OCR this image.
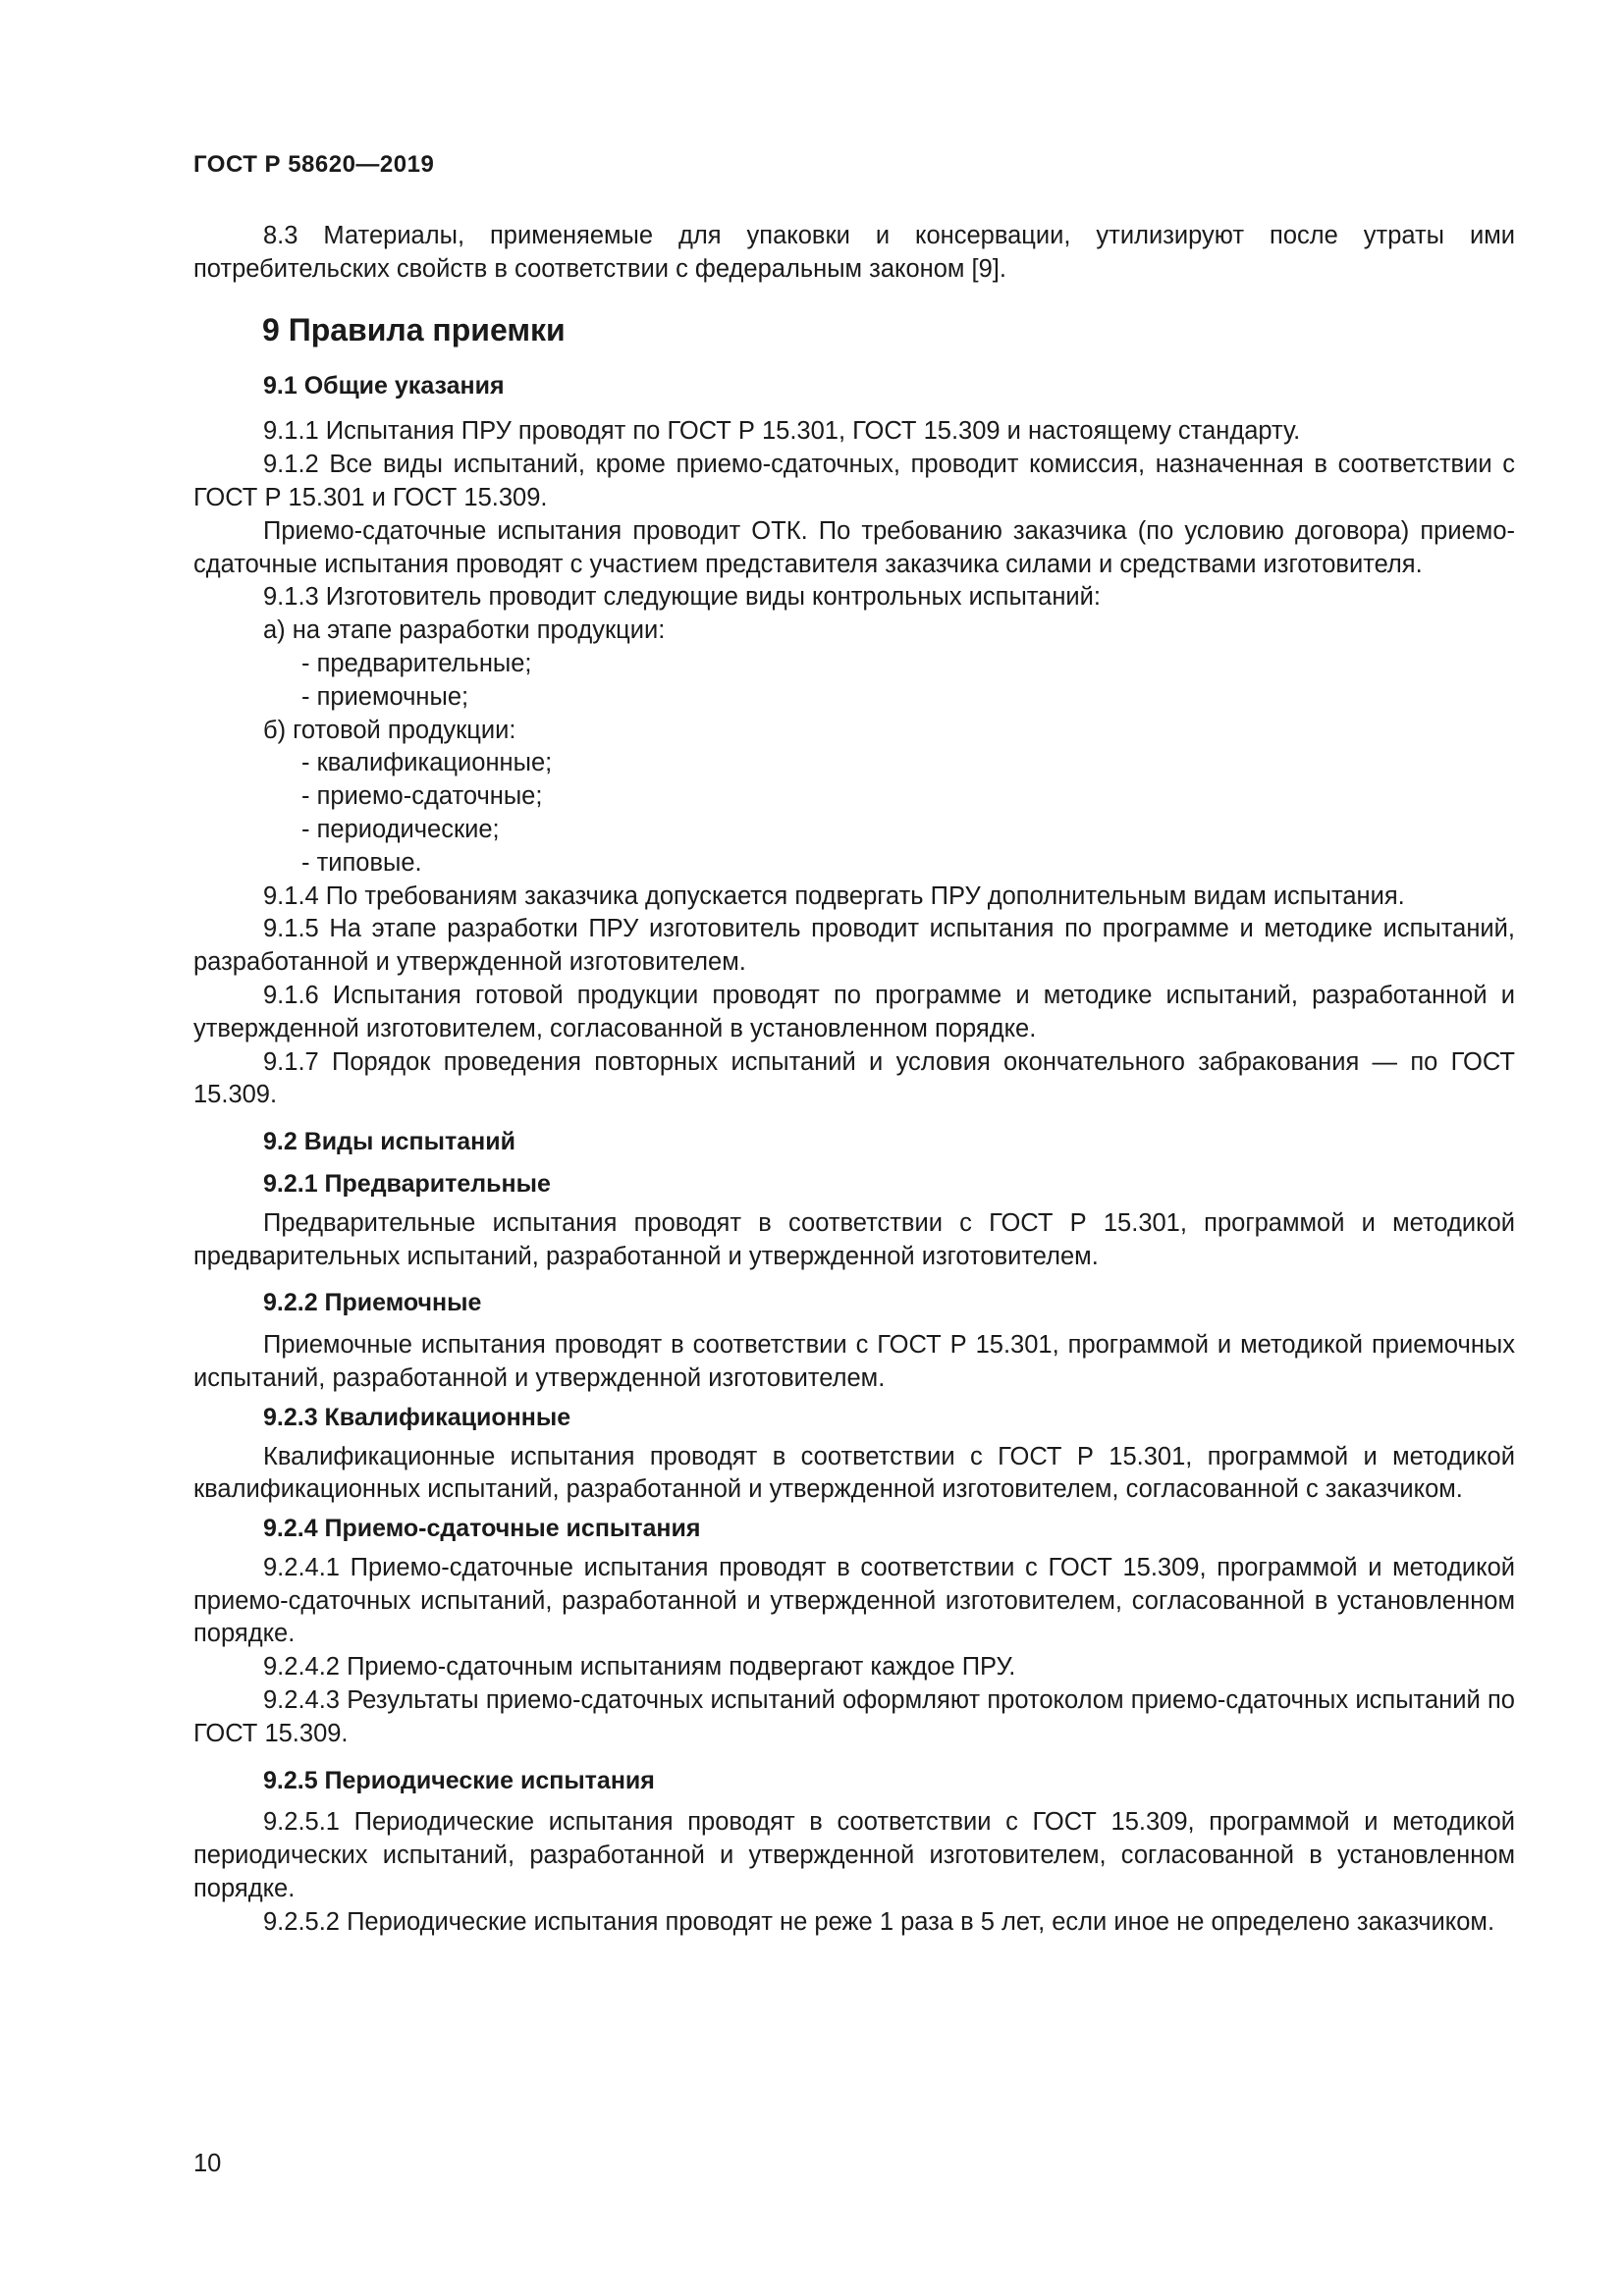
ГОСТ Р 58620—2019

8.3 Материалы, применяемые для упаковки и консервации, утилизируют после утраты ими потребительских свойств в соответствии с федеральным законом [9].

9 Правила приемки

9.1 Общие указания

9.1.1 Испытания ПРУ проводят по ГОСТ Р 15.301, ГОСТ 15.309 и настоящему стандарту.

9.1.2 Все виды испытаний, кроме приемо-сдаточных, проводит комиссия, назначенная в соответствии с ГОСТ Р 15.301 и ГОСТ 15.309.

Приемо-сдаточные испытания проводит ОТК. По требованию заказчика (по условию договора) приемо-сдаточные испытания проводят с участием представителя заказчика силами и средствами изготовителя.

9.1.3 Изготовитель проводит следующие виды контрольных испытаний:

а) на этапе разработки продукции:

- предварительные;

- приемочные;

б) готовой продукции:

- квалификационные;

- приемо-сдаточные;

- периодические;

- типовые.

9.1.4 По требованиям заказчика допускается подвергать ПРУ дополнительным видам испытания.

9.1.5 На этапе разработки ПРУ изготовитель проводит испытания по программе и методике испытаний, разработанной и утвержденной изготовителем.

9.1.6 Испытания готовой продукции проводят по программе и методике испытаний, разработанной и утвержденной изготовителем, согласованной в установленном порядке.

9.1.7 Порядок проведения повторных испытаний и условия окончательного забракования — по ГОСТ 15.309.

9.2 Виды испытаний

9.2.1 Предварительные

Предварительные испытания проводят в соответствии с ГОСТ Р 15.301, программой и методикой предварительных испытаний, разработанной и утвержденной изготовителем.

9.2.2 Приемочные

Приемочные испытания проводят в соответствии с ГОСТ Р 15.301, программой и методикой приемочных испытаний, разработанной и утвержденной изготовителем.

9.2.3 Квалификационные

Квалификационные испытания проводят в соответствии с ГОСТ Р 15.301, программой и методикой квалификационных испытаний, разработанной и утвержденной изготовителем, согласованной с заказчиком.

9.2.4 Приемо-сдаточные испытания

9.2.4.1 Приемо-сдаточные испытания проводят в соответствии с ГОСТ 15.309, программой и методикой приемо-сдаточных испытаний, разработанной и утвержденной изготовителем, согласованной в установленном порядке.

9.2.4.2 Приемо-сдаточным испытаниям подвергают каждое ПРУ.

9.2.4.3 Результаты приемо-сдаточных испытаний оформляют протоколом приемо-сдаточных испытаний по ГОСТ 15.309.

9.2.5 Периодические испытания

9.2.5.1 Периодические испытания проводят в соответствии с ГОСТ 15.309, программой и методикой периодических испытаний, разработанной и утвержденной изготовителем, согласованной в установленном порядке.

9.2.5.2 Периодические испытания проводят не реже 1 раза в 5 лет, если иное не определено заказчиком.

10
